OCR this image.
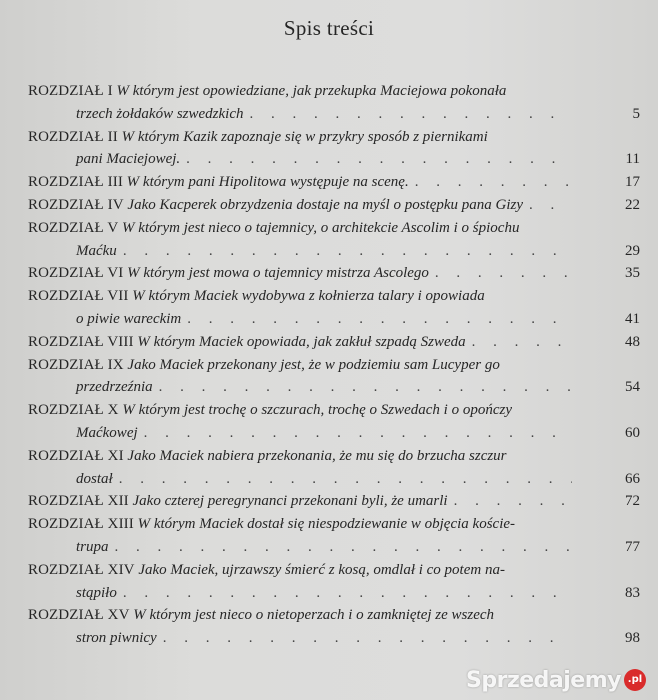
Spis treści
ROZDZIAŁ I W którym jest opowiedziane, jak przekupka Maciejowa pokonała
trzech żołdaków szwedzkich . . .	5
ROZDZIAŁ II W którym Kazik zapoznaje się w przykry sposób z piernikami
pani Maciejowej. . . .	11
ROZDZIAŁ III
W którym pani Hipolitowa występuje na scenę. . . .	17
ROZDZIAŁ IV
Jako Kacperek obrzydzenia dostaje na myśl o postępku pana Gizy . . .	22
ROZDZIAŁ V W którym jest nieco o tajemnicy, o architekcie Ascolim i o śpiochu
Maćku . . .	29
ROZDZIAŁ VI
W którym jest mowa o tajemnicy mistrza Ascolego . . .	35
ROZDZIAŁ VII W którym Maciek wydobywa z kołnierza talary i opowiada
o piwie wareckim . . .	41
ROZDZIAŁ VIII
W którym Maciek opowiada, jak zakłuł szpadą Szweda . . .	48
ROZDZIAŁ IX Jako Maciek przekonany jest, że w podziemiu sam Lucyper go
przedrzeźnia . . .	54
ROZDZIAŁ X W którym jest trochę o szczurach, trochę o Szwedach i o opończy
Maćkowej . . .	60
ROZDZIAŁ XI Jako Maciek nabiera przekonania, że mu się do brzucha szczur
dostał . . .	66
ROZDZIAŁ XII
Jako czterej peregrynanci przekonani byli, że umarli . . .	72
ROZDZIAŁ XIII W którym Maciek dostał się niespodziewanie w objęcia koście-
trupa . . .	77
ROZDZIAŁ XIV Jako Maciek, ujrzawszy śmierć z kosą, omdlał i co potem na-
stąpiło . . .	83
ROZDZIAŁ XV W którym jest nieco o nietoperzach i o zamkniętej ze wszech
stron piwnicy . . .	98
Sprzedajemy .pl
